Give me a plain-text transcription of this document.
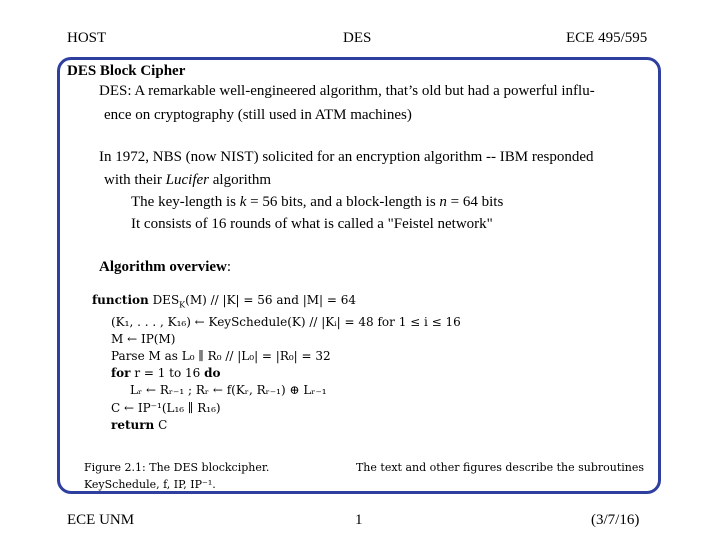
HOST	DES	ECE 495/595
DES Block Cipher
DES: A remarkable well-engineered algorithm, that’s old but had a powerful influ-
ence on cryptography (still used in ATM machines)
In 1972, NBS (now NIST) solicited for an encryption algorithm -- IBM responded
with their Lucifer algorithm
The key-length is k = 56 bits, and a block-length is n = 64 bits
It consists of 16 rounds of what is called a "Feistel network"
Algorithm overview:
function $DES_K(M) // |K| = 56$ and |M| = 64
(K₁, . . . , K₁₆) ← KeySchedule(K) // |Kᵢ| = 48 for 1 ≤ i ≤ 16
M ← IP(M)
Parse M as L₀ ∥ R₀ // |L₀| = |R₀| = 32
for r = 1 to 16 do
Lᵣ ← Rᵣ₋₁ ; Rᵣ ← f(Kᵣ, Rᵣ₋₁) ⊕ Lᵣ₋₁
C ← IP⁻¹(L₁₆ ∥ R₁₆)
return C
Figure 2.1: The DES blockcipher.	The text and other figures describe the subroutines
KeySchedule, f, IP, IP⁻¹.
ECE UNM	1	(3/7/16)
